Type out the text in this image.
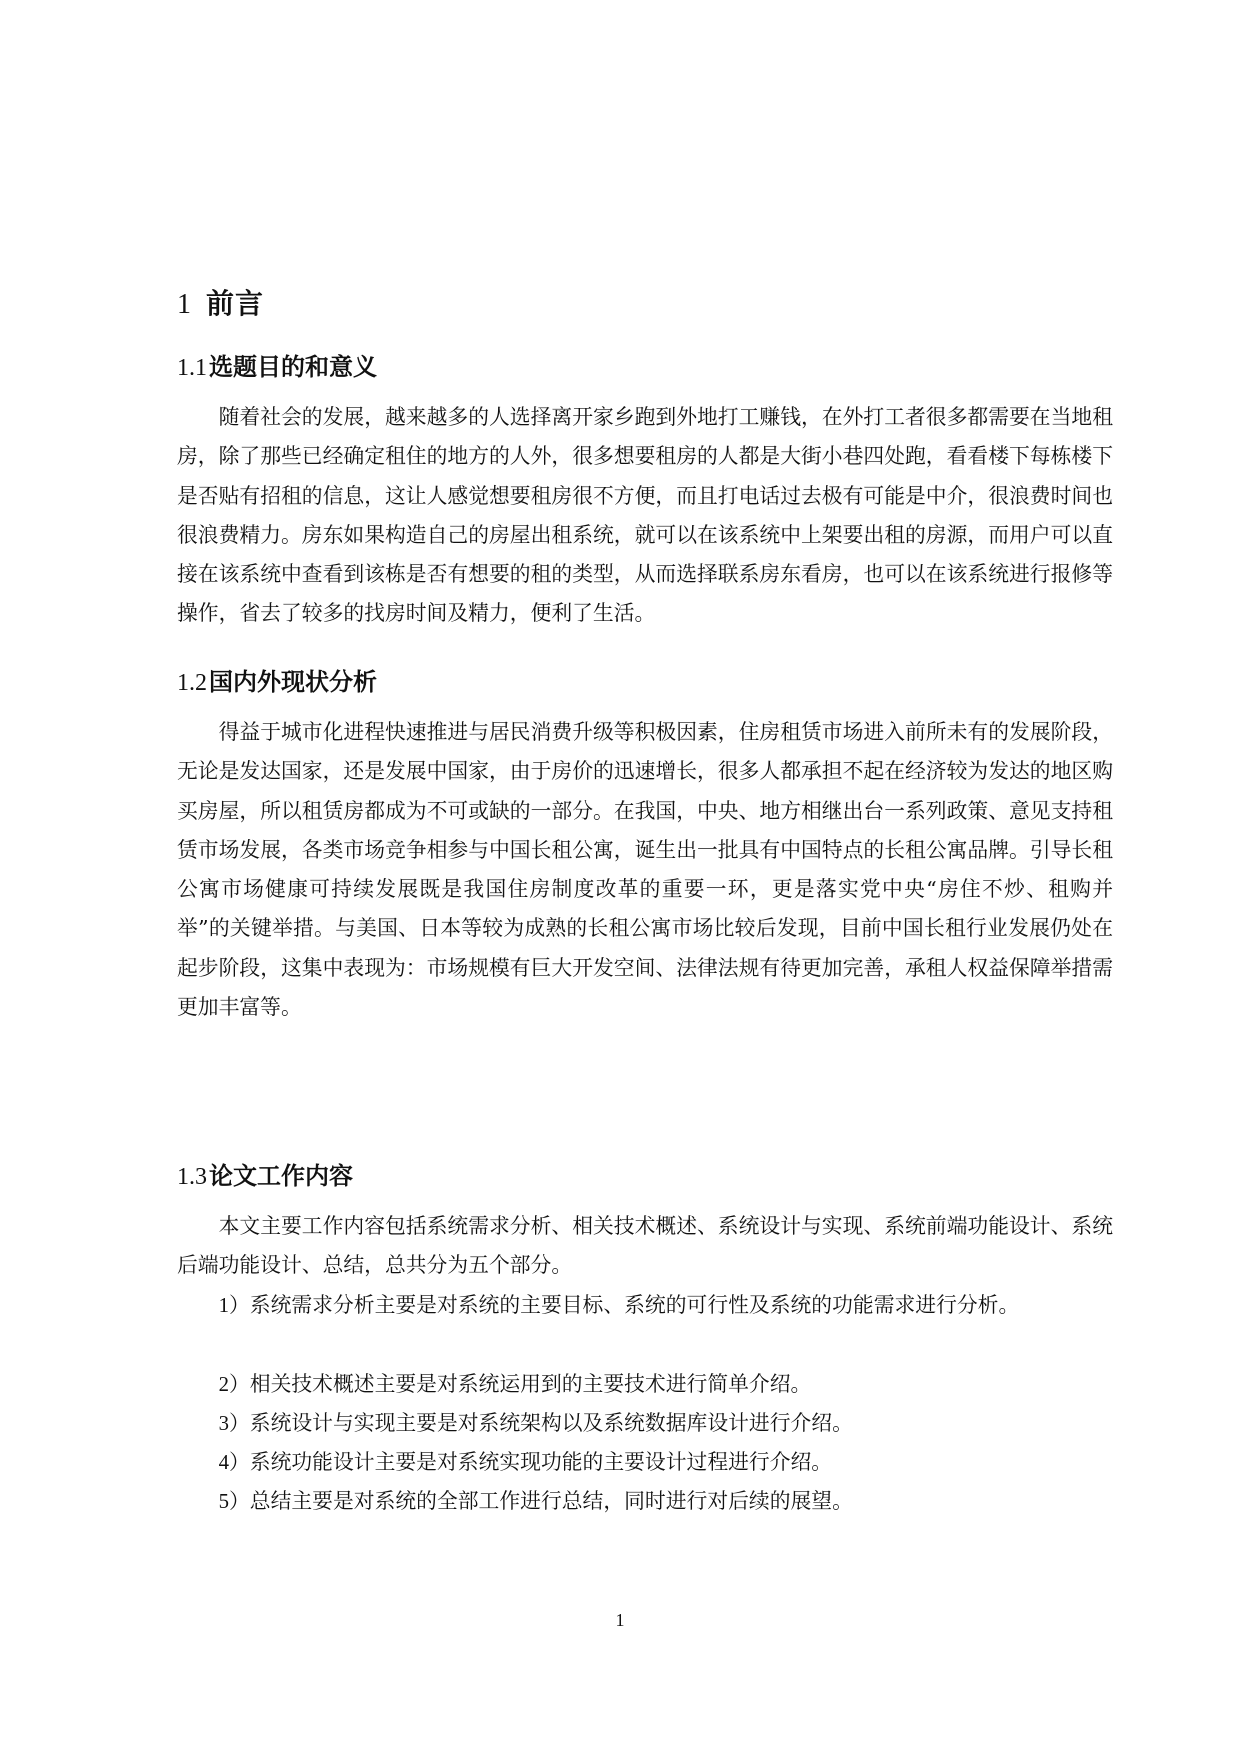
1 前言
1.1选题目的和意义

随着社会的发展，越来越多的人选择离开家乡跑到外地打工赚钱，在外打工者很多都需要在当地租房，除了那些已经确定租住的地方的人外，很多想要租房的人都是大街小巷四处跑，看看楼下每栋楼下是否贴有招租的信息，这让人感觉想要租房很不方便，而且打电话过去极有可能是中介，很浪费时间也很浪费精力。房东如果构造自己的房屋出租系统，就可以在该系统中上架要出租的房源，而用户可以直接在该系统中查看到该栋是否有想要的租的类型，从而选择联系房东看房，也可以在该系统进行报修等操作，省去了较多的找房时间及精力，便利了生活。

1.2国内外现状分析

得益于城市化进程快速推进与居民消费升级等积极因素，住房租赁市场进入前所未有的发展阶段，无论是发达国家，还是发展中国家，由于房价的迅速增长，很多人都承担不起在经济较为发达的地区购买房屋，所以租赁房都成为不可或缺的一部分。在我国，中央、地方相继出台一系列政策、意见支持租赁市场发展，各类市场竞争相参与中国长租公寓，诞生出一批具有中国特点的长租公寓品牌。引导长租公寓市场健康可持续发展既是我国住房制度改革的重要一环，更是落实党中央“房住不炒、租购并举”的关键举措。与美国、日本等较为成熟的长租公寓市场比较后发现，目前中国长租行业发展仍处在起步阶段，这集中表现为：市场规模有巨大开发空间、法律法规有待更加完善，承租人权益保障举措需更加丰富等。

1.3论文工作内容

本文主要工作内容包括系统需求分析、相关技术概述、系统设计与实现、系统前端功能设计、系统后端功能设计、总结，总共分为五个部分。

1）系统需求分析主要是对系统的主要目标、系统的可行性及系统的功能需求进行分析。

2）相关技术概述主要是对系统运用到的主要技术进行简单介绍。

3）系统设计与实现主要是对系统架构以及系统数据库设计进行介绍。

4）系统功能设计主要是对系统实现功能的主要设计过程进行介绍。

5）总结主要是对系统的全部工作进行总结，同时进行对后续的展望。

1
